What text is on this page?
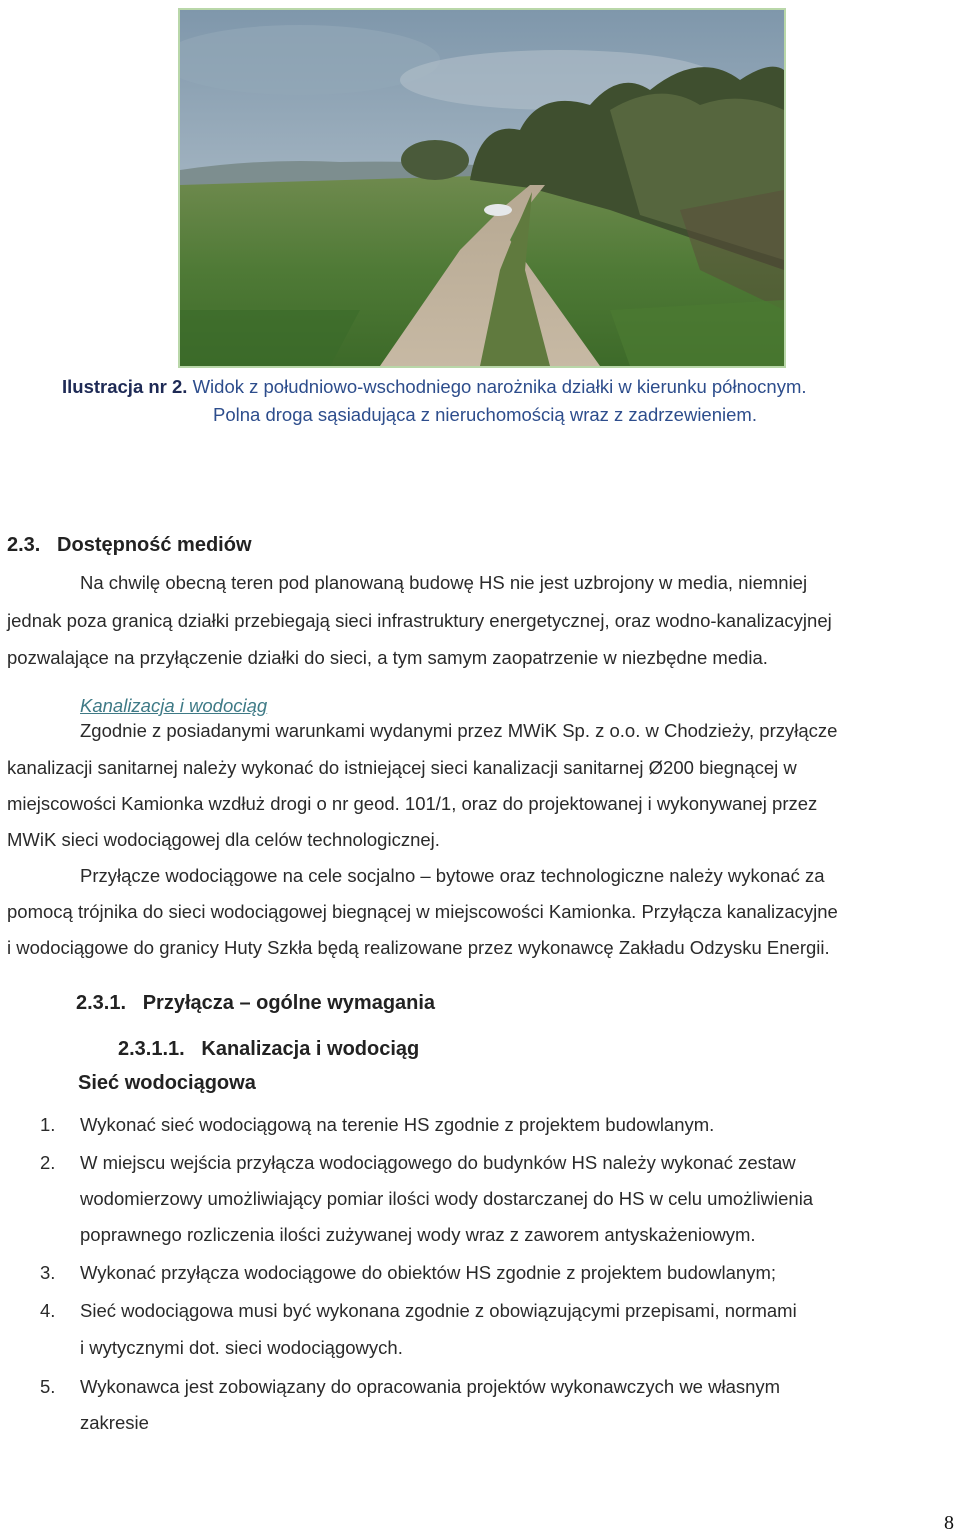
Ilustracja nr 2. Widok z południowo-wschodniego narożnika działki w kierunku północnym.
Polna droga sąsiadująca z nieruchomością wraz z zadrzewieniem.
2.3. Dostępność mediów
Na chwilę obecną teren pod planowaną budowę HS nie jest uzbrojony w media, niemniej
jednak poza granicą działki przebiegają sieci infrastruktury energetycznej, oraz wodno-kanalizacyjnej
pozwalające na przyłączenie działki do sieci, a tym samym zaopatrzenie w niezbędne media.
Kanalizacja i wodociąg
Zgodnie z posiadanymi warunkami wydanymi przez MWiK Sp. z o.o. w Chodzieży, przyłącze
kanalizacji sanitarnej należy wykonać do istniejącej sieci kanalizacji sanitarnej Ø200 biegnącej w
miejscowości Kamionka wzdłuż drogi o nr geod. 101/1, oraz do projektowanej i wykonywanej przez
MWiK sieci wodociągowej dla celów technologicznej.
Przyłącze wodociągowe na cele socjalno – bytowe oraz technologiczne należy wykonać za
pomocą trójnika do sieci wodociągowej biegnącej w miejscowości Kamionka. Przyłącza kanalizacyjne
i wodociągowe do granicy Huty Szkła będą realizowane przez wykonawcę Zakładu Odzysku Energii.
2.3.1. Przyłącza – ogólne wymagania
2.3.1.1. Kanalizacja i wodociąg
Sieć wodociągowa
1. Wykonać sieć wodociągową na terenie HS zgodnie z projektem budowlanym.
2. W miejscu wejścia przyłącza wodociągowego do budynków HS należy wykonać zestaw
wodomierzowy umożliwiający pomiar ilości wody dostarczanej do HS w celu umożliwienia
poprawnego rozliczenia ilości zużywanej wody wraz z zaworem antyskażeniowym.
3. Wykonać przyłącza wodociągowe do obiektów HS zgodnie z projektem budowlanym;
4. Sieć wodociągowa musi być wykonana zgodnie z obowiązującymi przepisami, normami
i wytycznymi dot. sieci wodociągowych.
5. Wykonawca jest zobowiązany do opracowania projektów wykonawczych we własnym
zakresie
8
